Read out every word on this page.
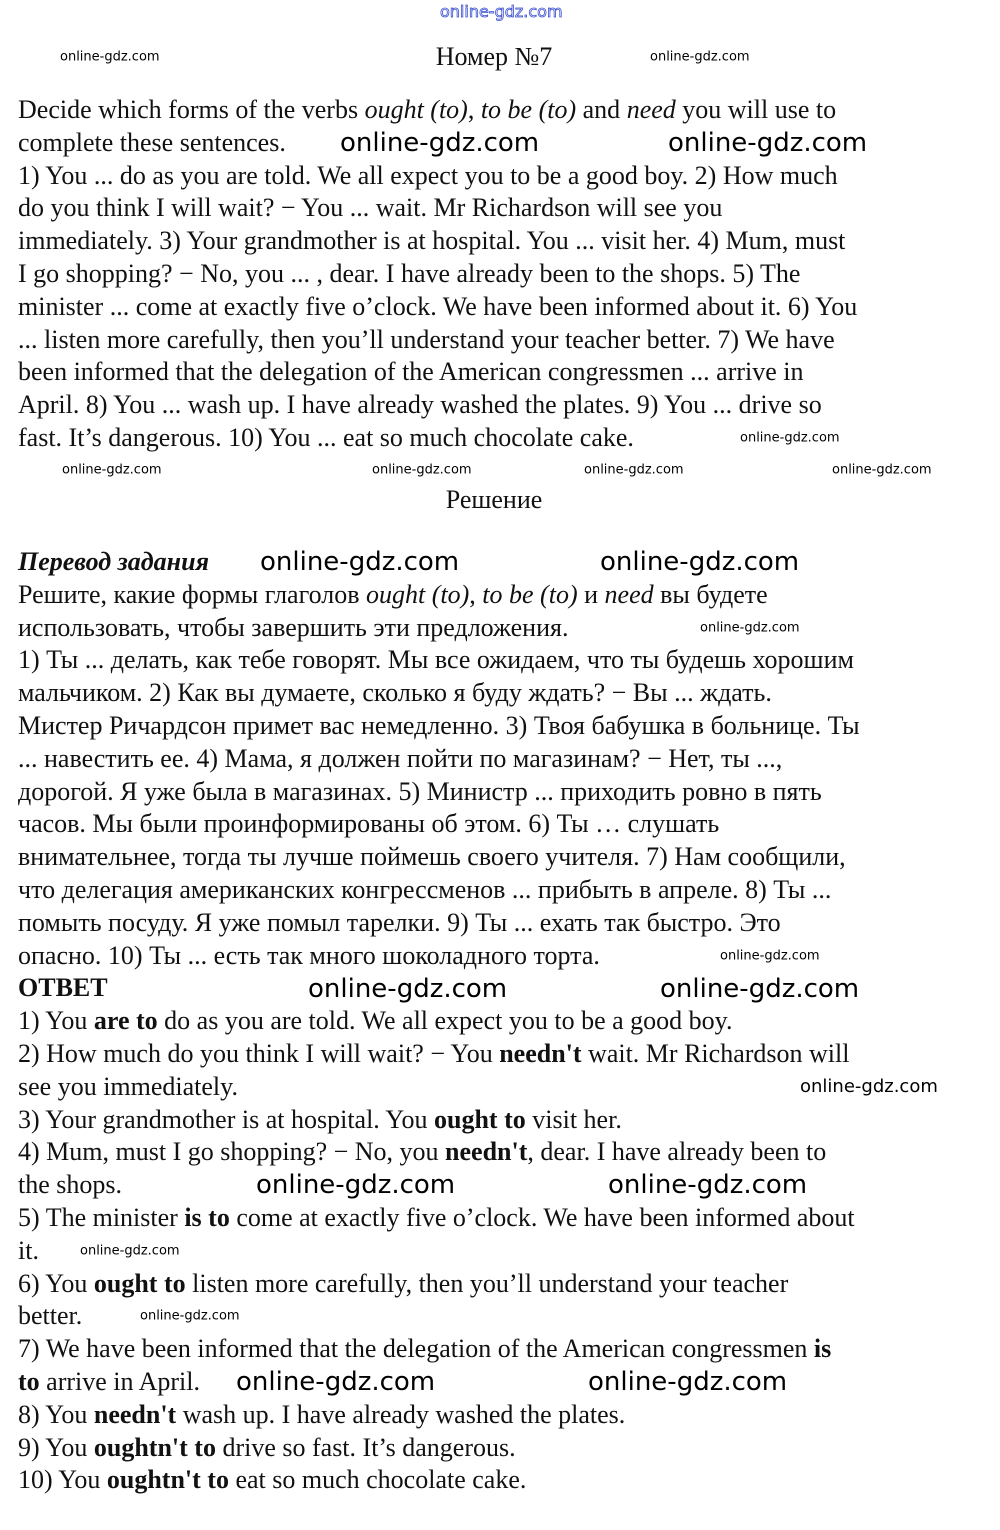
online-gdz.com
Номер №7
Decide which forms of the verbs ought (to), to be (to) and need you will use to
complete these sentences.
1) You ... do as you are told. We all expect you to be a good boy. 2) How much
do you think I will wait? − You ... wait. Mr Richardson will see you
immediately. 3) Your grandmother is at hospital. You ... visit her. 4) Mum, must
I go shopping? − No, you ... , dear. I have already been to the shops. 5) The
minister ... come at exactly five o’clock. We have been informed about it. 6) You
... listen more carefully, then you’ll understand your teacher better. 7) We have
been informed that the delegation of the American congressmen ... arrive in
April. 8) You ... wash up. I have already washed the plates. 9) You ... drive so
fast. It’s dangerous. 10) You ... eat so much chocolate cake.
Решение
Перевод задания
Решите, какие формы глаголов ought (to), to be (to) и need вы будете
использовать, чтобы завершить эти предложения.
1) Ты ... делать, как тебе говорят. Мы все ожидаем, что ты будешь хорошим
мальчиком. 2) Как вы думаете, сколько я буду ждать? − Вы ... ждать.
Мистер Ричардсон примет вас немедленно. 3) Твоя бабушка в больнице. Ты
... навестить ее. 4) Мама, я должен пойти по магазинам? − Нет, ты ...,
дорогой. Я уже была в магазинах. 5) Министр ... приходить ровно в пять
часов. Мы были проинформированы об этом. 6) Ты … слушать
внимательнее, тогда ты лучше поймешь своего учителя. 7) Нам сообщили,
что делегация американских конгрессменов ... прибыть в апреле. 8) Ты ...
помыть посуду. Я уже помыл тарелки. 9) Ты ... ехать так быстро. Это
опасно. 10) Ты ... есть так много шоколадного торта.
ОТВЕТ
1) You are to do as you are told. We all expect you to be a good boy.
2) How much do you think I will wait? − You needn't wait. Mr Richardson will
see you immediately.
3) Your grandmother is at hospital. You ought to visit her.
4) Mum, must I go shopping? − No, you needn't, dear. I have already been to
the shops.
5) The minister is to come at exactly five o’clock. We have been informed about
it.
6) You ought to listen more carefully, then you’ll understand your teacher
better.
7) We have been informed that the delegation of the American congressmen is
to arrive in April.
8) You needn't wash up. I have already washed the plates.
9) You oughtn't to drive so fast. It’s dangerous.
10) You oughtn't to eat so much chocolate cake.
online-gdz.com	online-gdz.com
online-gdz.com	online-gdz.com
online-gdz.com	online-gdz.com
online-gdz.com	online-gdz.com
online-gdz.com	online-gdz.com
online-gdz.com	online-gdz.com
online-gdz.com
online-gdz.com	online-gdz.com	online-gdz.com	online-gdz.com
online-gdz.com
online-gdz.com
online-gdz.com
online-gdz.com
online-gdz.com
